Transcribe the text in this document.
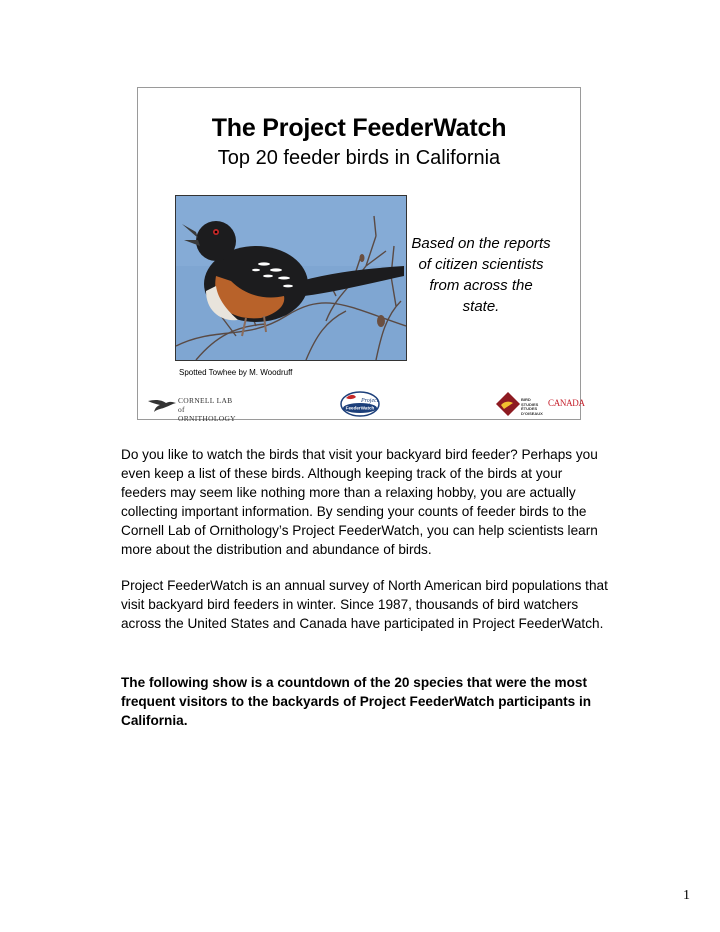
The Project FeederWatch
Top 20 feeder birds in California
Based on the reports of citizen scientists from across the state.
Spotted Towhee by M. Woodruff
CORNELL LAB of
ORNITHOLOGY
Project
FeederWatch
BIRD STUDIES
ÉTUDES D'OISEAUX
CANADA

Do you like to watch the birds that visit your backyard bird feeder? Perhaps you even keep a list of these birds. Although keeping track of the birds at your feeders may seem like nothing more than a relaxing hobby, you are actually collecting important information. By sending your counts of feeder birds to the Cornell Lab of Ornithology’s Project FeederWatch, you can help scientists learn more about the distribution and abundance of birds.

Project FeederWatch is an annual survey of North American bird populations that visit backyard bird feeders in winter. Since 1987, thousands of bird watchers across the United States and Canada have participated in Project FeederWatch.

The following show is a countdown of the 20 species that were the most frequent visitors to the backyards of Project FeederWatch participants in California.

1
